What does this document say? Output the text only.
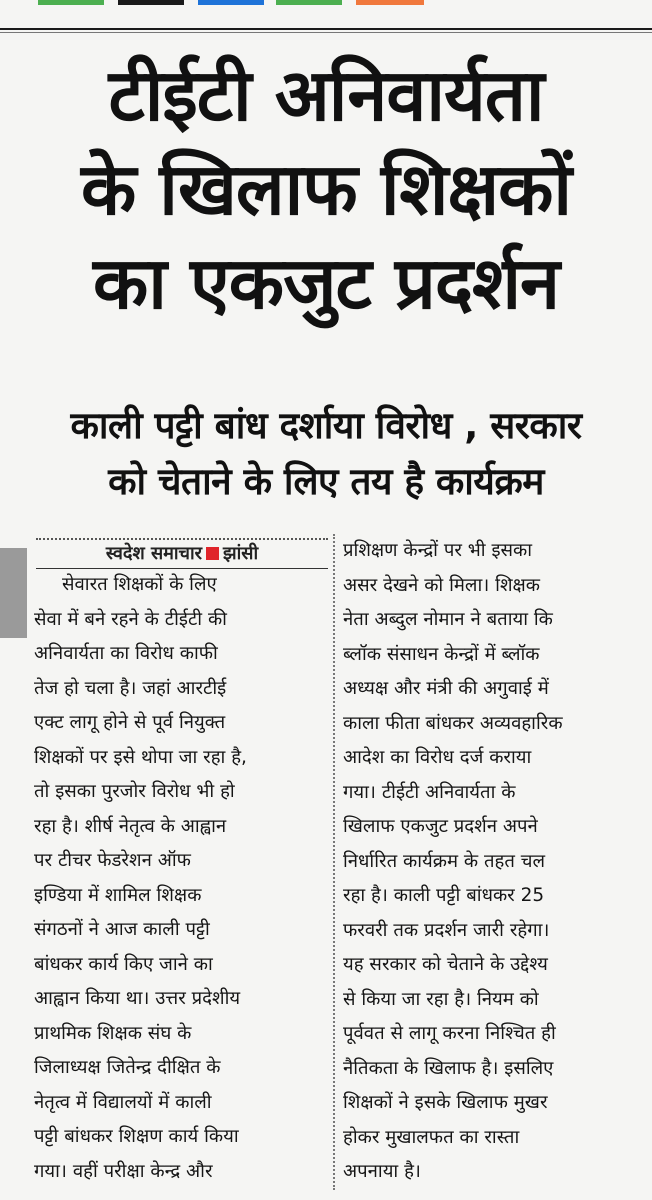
टीईटी अनिवार्यता
के खिलाफ शिक्षकों
का एकजुट प्रदर्शन
काली पट्टी बांध दर्शाया विरोध , सरकार
को चेताने के लिए तय है कार्यक्रम
स्वदेश समाचार झांसी
सेवारत शिक्षकों के लिए
सेवा में बने रहने के टीईटी की
अनिवार्यता का विरोध काफी
तेज हो चला है। जहां आरटीई
एक्ट लागू होने से पूर्व नियुक्त
शिक्षकों पर इसे थोपा जा रहा है,
तो इसका पुरजोर विरोध भी हो
रहा है। शीर्ष नेतृत्व के आह्वान
पर टीचर फेडरेशन ऑफ
इण्डिया में शामिल शिक्षक
संगठनों ने आज काली पट्टी
बांधकर कार्य किए जाने का
आह्वान किया था। उत्तर प्रदेशीय
प्राथमिक शिक्षक संघ के
जिलाध्यक्ष जितेन्द्र दीक्षित के
नेतृत्व में विद्यालयों में काली
पट्टी बांधकर शिक्षण कार्य किया
गया। वहीं परीक्षा केन्द्र और
प्रशिक्षण केन्द्रों पर भी इसका
असर देखने को मिला। शिक्षक
नेता अब्दुल नोमान ने बताया कि
ब्लॉक संसाधन केन्द्रों में ब्लॉक
अध्यक्ष और मंत्री की अगुवाई में
काला फीता बांधकर अव्यवहारिक
आदेश का विरोध दर्ज कराया
गया। टीईटी अनिवार्यता के
खिलाफ एकजुट प्रदर्शन अपने
निर्धारित कार्यक्रम के तहत चल
रहा है। काली पट्टी बांधकर 25
फरवरी तक प्रदर्शन जारी रहेगा।
यह सरकार को चेताने के उद्देश्य
से किया जा रहा है। नियम को
पूर्ववत से लागू करना निश्चित ही
नैतिकता के खिलाफ है। इसलिए
शिक्षकों ने इसके खिलाफ मुखर
होकर मुखालफत का रास्ता
अपनाया है।
